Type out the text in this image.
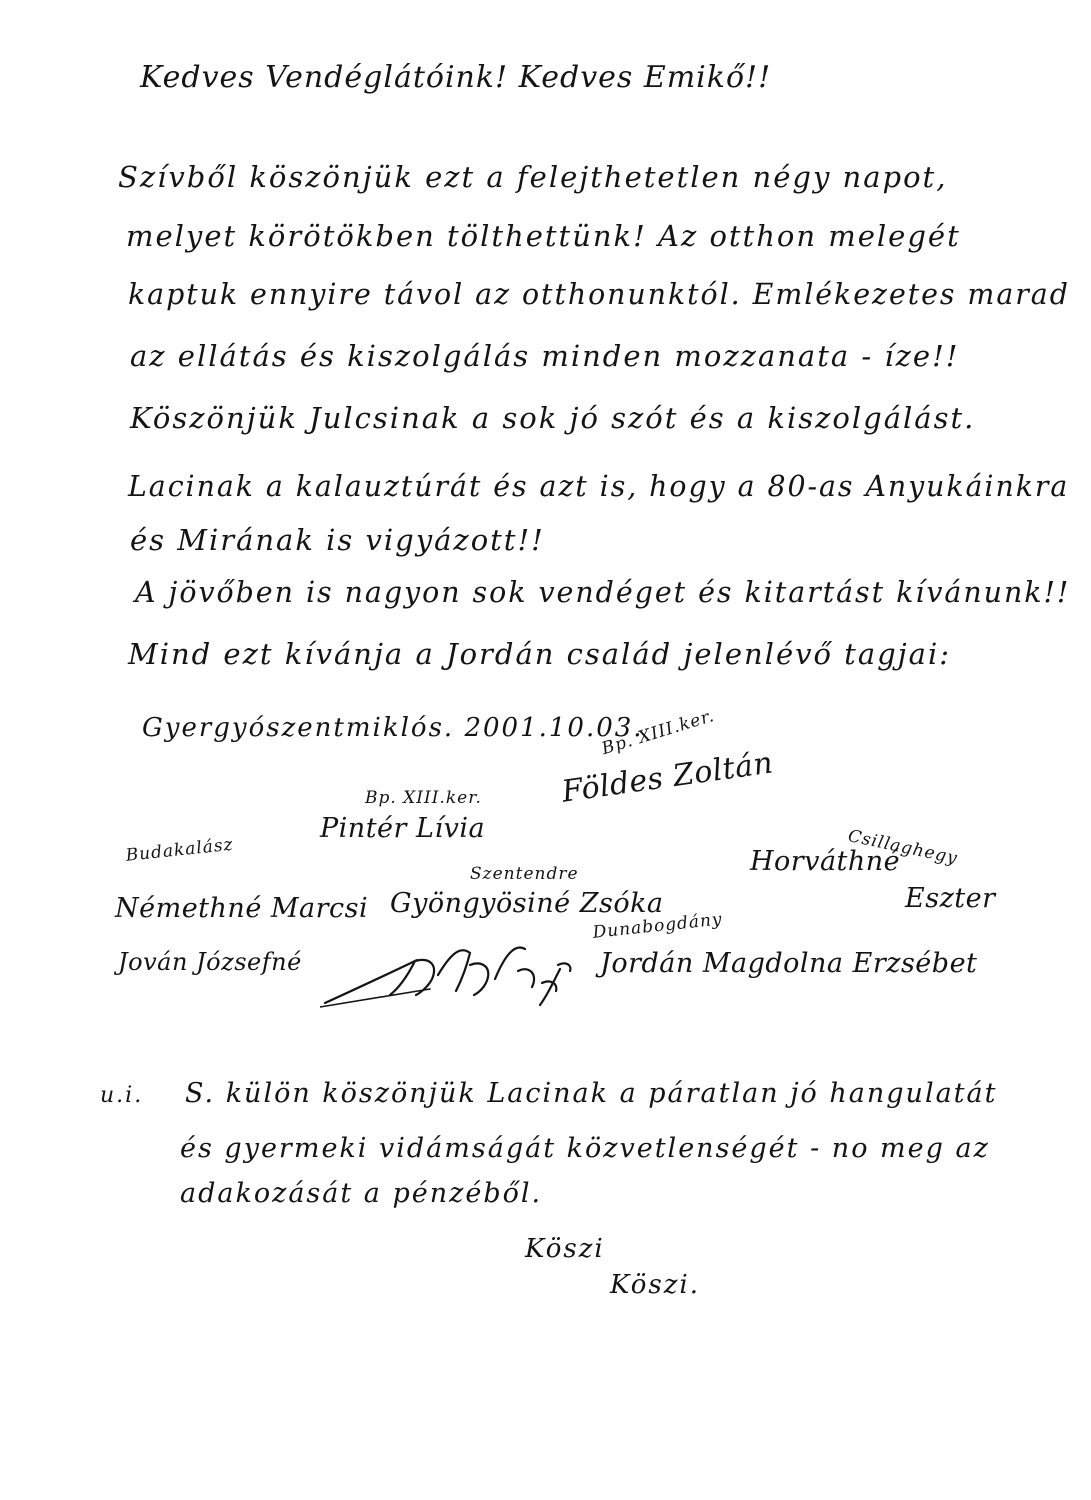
Kedves Vendéglátóink! Kedves Emikő!!
Szívből köszönjük ezt a felejthetetlen négy napot,
melyet körötökben tölthettünk! Az otthon melegét
kaptuk ennyire távol az otthonunktól. Emlékezetes marad
az ellátás és kiszolgálás minden mozzanata - íze!!
Köszönjük Julcsinak a sok jó szót és a kiszolgálást.
Lacinak a kalauztúrát és azt is, hogy a 80-as Anyukáinkra
és Mirának is vigyázott!!
A jövőben is nagyon sok vendéget és kitartást kívánunk!!
Mind ezt kívánja a Jordán család jelenlévő tagjai:
Gyergyószentmiklós. 2001.10.03.
Bp. XIII.ker.
Földes Zoltán
Bp. XIII.ker.
Pintér Lívia
Budakalász
Némethné Marcsi
Szentendre
Gyöngyösiné Zsóka
Csillaghegy
Horváthné
Eszter
Jován Józsefné
Dunabogdány
Jordán Magdolna Erzsébet
u.i. S. külön köszönjük Lacinak a páratlan jó hangulatát
és gyermeki vidámságát közvetlenségét - no meg az
adakozását a pénzéből.
Köszi
Köszi.
